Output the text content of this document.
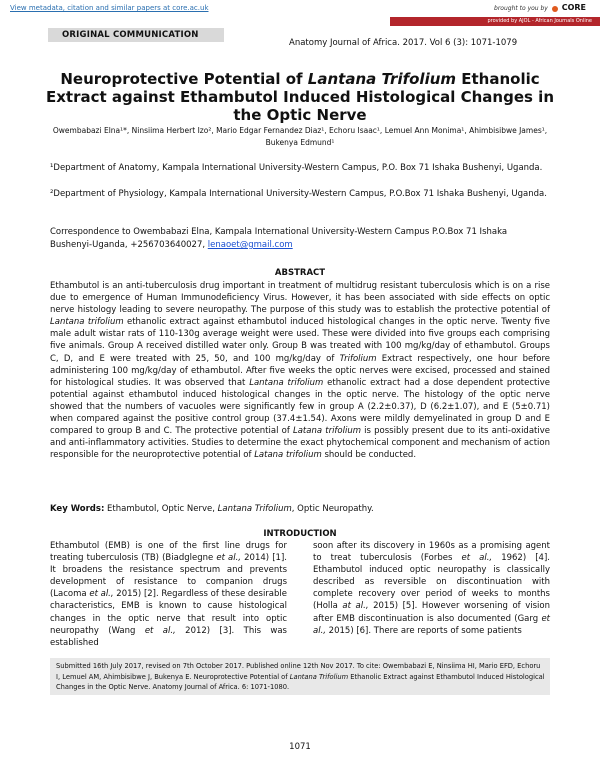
View metadata, citation and similar papers at core.ac.uk	brought to you by CORE
provided by AJOL - African Journals Online
ORIGINAL COMMUNICATION
Anatomy Journal of Africa. 2017. Vol 6 (3): 1071-1079
Neuroprotective Potential of Lantana Trifolium Ethanolic Extract against Ethambutol Induced Histological Changes in the Optic Nerve
Owembabazi Elna¹*, Ninsiima Herbert Izo², Mario Edgar Fernandez Diaz¹, Echoru Isaac¹, Lemuel Ann Monima¹, Ahimbisibwe James¹, Bukenya Edmund¹
¹Department of Anatomy, Kampala International University-Western Campus, P.O. Box 71 Ishaka Bushenyi, Uganda.
²Department of Physiology, Kampala International University-Western Campus, P.O.Box 71 Ishaka Bushenyi, Uganda.
Correspondence to Owembabazi Elna, Kampala International University-Western Campus P.O.Box 71 Ishaka Bushenyi-Uganda, +256703640027, lenaoet@gmail.com
ABSTRACT
Ethambutol is an anti-tuberculosis drug important in treatment of multidrug resistant tuberculosis which is on a rise due to emergence of Human Immunodeficiency Virus. However, it has been associated with side effects on optic nerve histology leading to severe neuropathy. The purpose of this study was to establish the protective potential of Lantana trifolium ethanolic extract against ethambutol induced histological changes in the optic nerve. Twenty five male adult wistar rats of 110-130g average weight were used. These were divided into five groups each comprising five animals. Group A received distilled water only. Group B was treated with 100 mg/kg/day of ethambutol. Groups C, D, and E were treated with 25, 50, and 100 mg/kg/day of Trifolium Extract respectively, one hour before administering 100 mg/kg/day of ethambutol. After five weeks the optic nerves were excised, processed and stained for histological studies. It was observed that Lantana trifolium ethanolic extract had a dose dependent protective potential against ethambutol induced histological changes in the optic nerve. The histology of the optic nerve showed that the numbers of vacuoles were significantly few in group A (2.2±0.37), D (6.2±1.07), and E (5±0.71) when compared against the positive control group (37.4±1.54). Axons were mildly demyelinated in group D and E compared to group B and C. The protective potential of Latana trifolium is possibly present due to its anti-oxidative and anti-inflammatory activities. Studies to determine the exact phytochemical component and mechanism of action responsible for the neuroprotective potential of Latana trifolium should be conducted.
Key Words: Ethambutol, Optic Nerve, Lantana Trifolium, Optic Neuropathy.
INTRODUCTION
Ethambutol (EMB) is one of the first line drugs for treating tuberculosis (TB) (Biadglegne et al., 2014) [1]. It broadens the resistance spectrum and prevents development of resistance to companion drugs (Lacoma et al., 2015) [2]. Regardless of these desirable characteristics, EMB is known to cause histological changes in the optic nerve that result into optic neuropathy (Wang et al., 2012) [3]. This was established
soon after its discovery in 1960s as a promising agent to treat tuberculosis (Forbes et al., 1962) [4]. Ethambutol induced optic neuropathy is classically described as reversible on discontinuation with complete recovery over period of weeks to months (Holla at al., 2015) [5]. However worsening of vision after EMB discontinuation is also documented (Garg et al., 2015) [6]. There are reports of some patients
Submitted 16th July 2017, revised on 7th October 2017. Published online 12th Nov 2017. To cite: Owembabazi E, Ninsiima HI, Mario EFD, Echoru I, Lemuel AM, Ahimbisibwe J, Bukenya E. Neuroprotective Potential of Lantana Trifolium Ethanolic Extract against Ethambutol Induced Histological Changes in the Optic Nerve. Anatomy Journal of Africa. 6: 1071-1080.
1071
